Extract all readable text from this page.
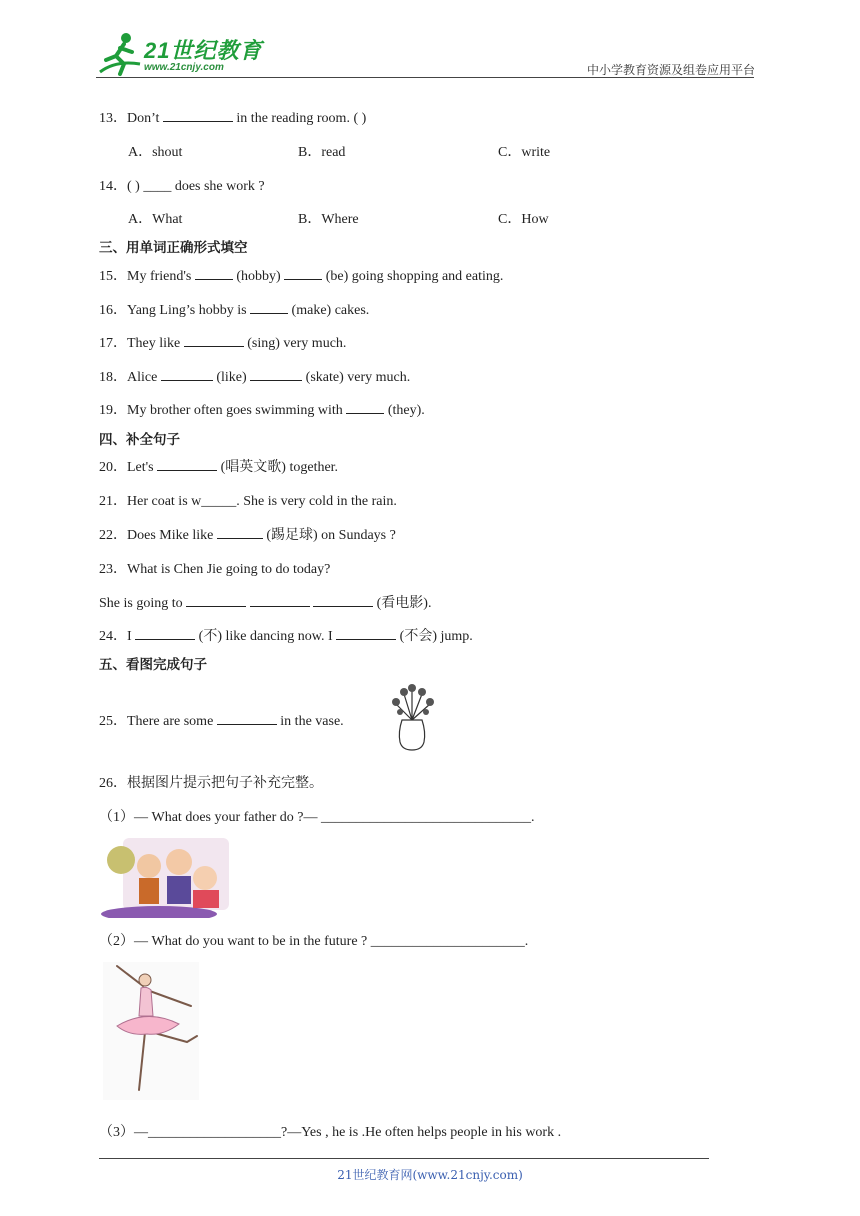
21世纪教育
www.21cnjy.com	中小学教育资源及组卷应用平台
13．Don’t	in the reading room. ( )
A．shout	B．read	C．write
14．( ) ____ does she work ?
A．What	B．Where	C．How
三、用单词正确形式填空
15．My friend's	(hobby)	(be) going shopping and eating.
16．Yang Ling’s hobby is	(make) cakes.
17．They like	(sing) very much.
18．Alice	(like)	(skate) very much.
19．My brother often goes swimming with	(they).
四、补全句子
20．Let's	(唱英文歌) together.
21．Her coat is w_____. She is very cold in the rain.
22．Does Mike like	(踢足球) on Sundays ?
23．What is Chen Jie going to do today?
She is going to	(看电影).
24．I	(不) like dancing now. I	(不会) jump.
五、看图完成句子
25．There are some	in the vase.
26．根据图片提示把句子补充完整。
（1）— What does your father do ?— ______________________________.
（2）— What do you want to be in the future ? ______________________.
（3）—___________________?—Yes , he is .He often helps people in his work .
21世纪教育网(www.21cnjy.com)
